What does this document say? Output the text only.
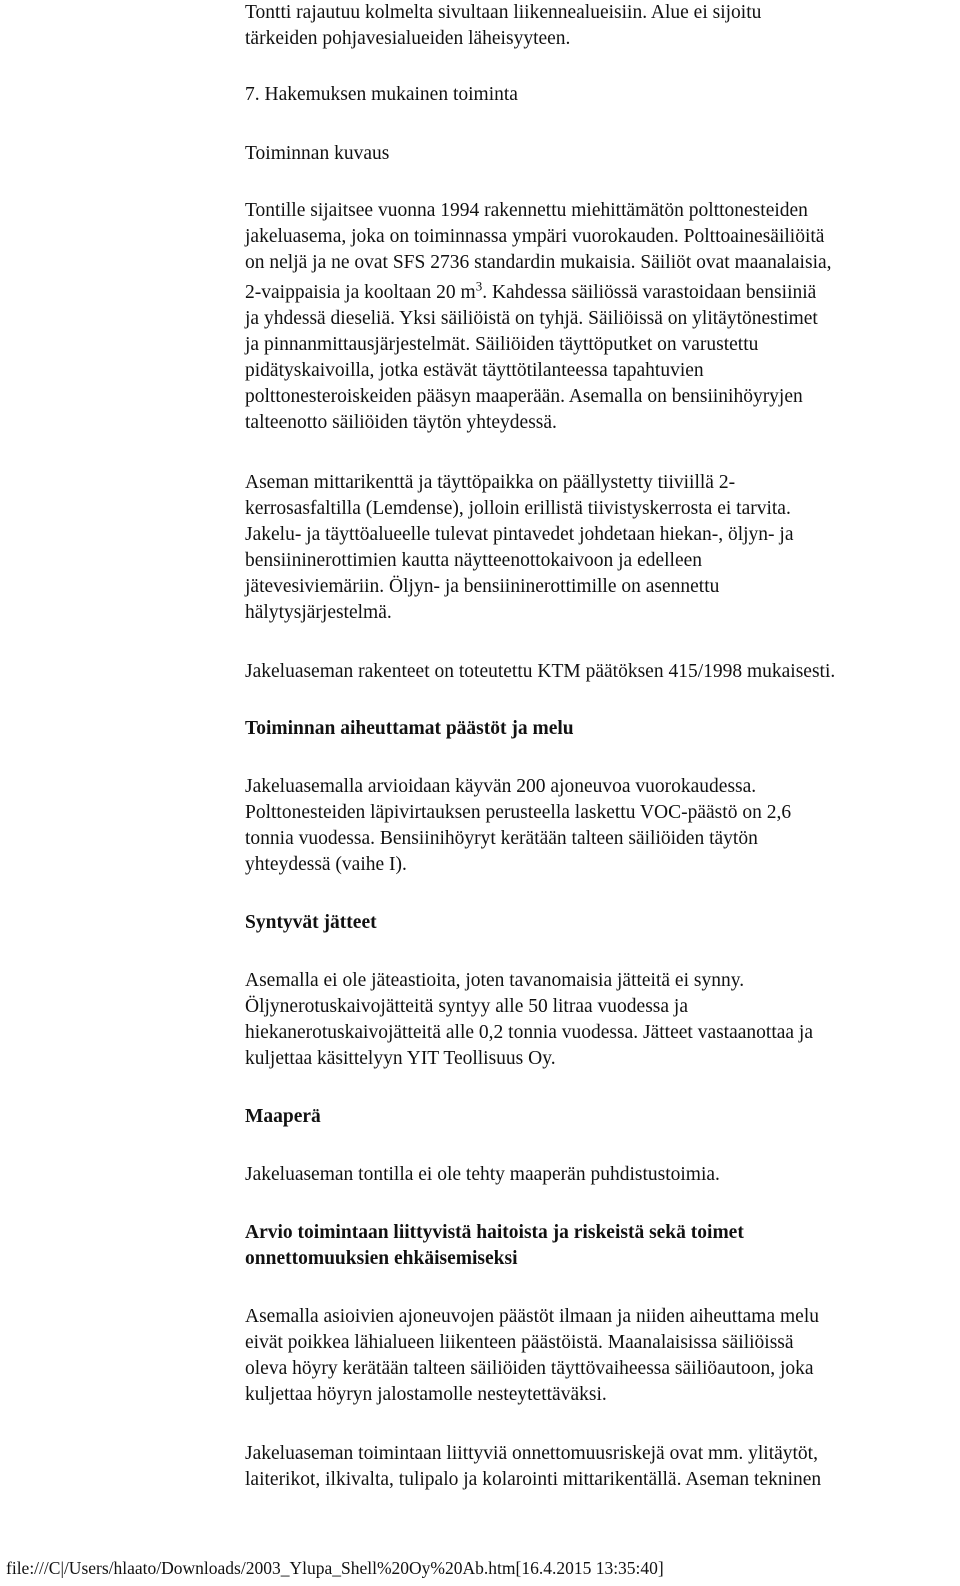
Tontti rajautuu kolmelta sivultaan liikennealueisiin. Alue ei sijoitu
tärkeiden pohjavesialueiden läheisyyteen.

7. Hakemuksen mukainen toiminta

Toiminnan kuvaus

Tontille sijaitsee vuonna 1994 rakennettu miehittämätön polttonesteiden
jakeluasema, joka on toiminnassa ympäri vuorokauden. Polttoainesäiliöitä
on neljä ja ne ovat SFS 2736 standardin mukaisia. Säiliöt ovat maanalaisia,
2-vaippaisia ja kooltaan 20 $m^3$. Kahdessa säiliössä varastoidaan bensiiniä
ja yhdessä dieseliä. Yksi säiliöistä on tyhjä. Säiliöissä on ylitäytönestimet
ja pinnanmittausjärjestelmät. Säiliöiden täyttöputket on varustettu
pidätyskaivoilla, jotka estävät täyttötilanteessa tapahtuvien
polttonesteroiskeiden pääsyn maaperään. Asemalla on bensiinihöyryjen
talteenotto säiliöiden täytön yhteydessä.

Aseman mittarikenttä ja täyttöpaikka on päällystetty tiiviillä 2-
kerrosasfaltilla (Lemdense), jolloin erillistä tiivistyskerrosta ei tarvita.
Jakelu- ja täyttöalueelle tulevat pintavedet johdetaan hiekan-, öljyn- ja
bensiininerottimien kautta näytteenottokaivoon ja edelleen
jätevesiviemäriin. Öljyn- ja bensiininerottimille on asennettu
hälytysjärjestelmä.

Jakeluaseman rakenteet on toteutettu KTM päätöksen 415/1998 mukaisesti.

Toiminnan aiheuttamat päästöt ja melu

Jakeluasemalla arvioidaan käyvän 200 ajoneuvoa vuorokaudessa.
Polttonesteiden läpivirtauksen perusteella laskettu VOC-päästö on 2,6
tonnia vuodessa. Bensiinihöyryt kerätään talteen säiliöiden täytön
yhteydessä (vaihe I).

Syntyvät jätteet

Asemalla ei ole jäteastioita, joten tavanomaisia jätteitä ei synny.
Öljynerotuskaivojätteitä syntyy alle 50 litraa vuodessa ja
hiekanerotuskaivojätteitä alle 0,2 tonnia vuodessa. Jätteet vastaanottaa ja
kuljettaa käsittelyyn YIT Teollisuus Oy.

Maaperä

Jakeluaseman tontilla ei ole tehty maaperän puhdistustoimia.

Arvio toimintaan liittyvistä haitoista ja riskeistä sekä toimet
onnettomuuksien ehkäisemiseksi

Asemalla asioivien ajoneuvojen päästöt ilmaan ja niiden aiheuttama melu
eivät poikkea lähialueen liikenteen päästöistä. Maanalaisissa säiliöissä
oleva höyry kerätään talteen säiliöiden täyttövaiheessa säiliöautoon, joka
kuljettaa höyryn jalostamolle nesteytettäväksi.

Jakeluaseman toimintaan liittyviä onnettomuusriskejä ovat mm. ylitäytöt,
laiterikot, ilkivalta, tulipalo ja kolarointi mittarikentällä. Aseman tekninen

file:///C|/Users/hlaato/Downloads/2003_Ylupa_Shell%20Oy%20Ab.htm[16.4.2015 13:35:40]
